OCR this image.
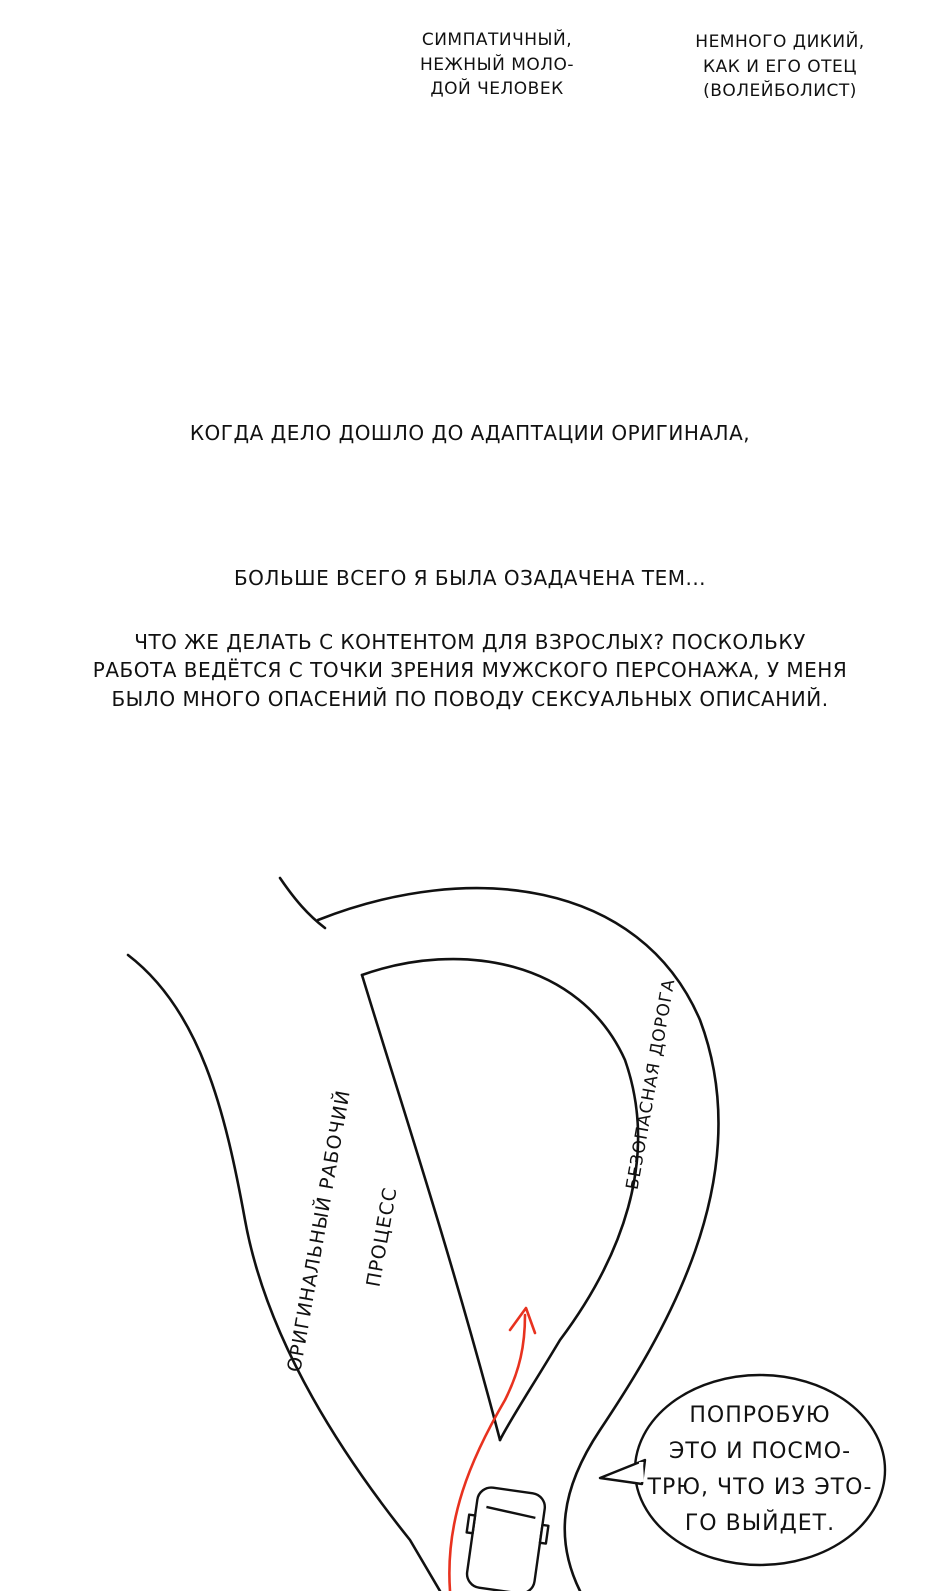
СИМПАТИЧНЫЙ,
НЕЖНЫЙ МОЛО-
ДОЙ ЧЕЛОВЕК
НЕМНОГО ДИКИЙ,
КАК И ЕГО ОТЕЦ
(ВОЛЕЙБОЛИСТ)
КОГДА ДЕЛО ДОШЛО ДО АДАПТАЦИИ ОРИГИНАЛА,
БОЛЬШЕ ВСЕГО Я БЫЛА ОЗАДАЧЕНА ТЕМ...
ЧТО ЖЕ ДЕЛАТЬ С КОНТЕНТОМ ДЛЯ ВЗРОСЛЫХ? ПОСКОЛЬКУ
РАБОТА ВЕДЁТСЯ С ТОЧКИ ЗРЕНИЯ МУЖСКОГО ПЕРСОНАЖА, У МЕНЯ
БЫЛО МНОГО ОПАСЕНИЙ ПО ПОВОДУ СЕКСУАЛЬНЫХ ОПИСАНИЙ.
ПОПРОБУЮ
ЭТО И ПОСМО-
ТРЮ, ЧТО ИЗ ЭТО-
ГО ВЫЙДЕТ.
ОРИГИНАЛЬНЫЙ РАБОЧИЙ ПРОЦЕСС
БЕЗОПАСНАЯ ДОРОГА
